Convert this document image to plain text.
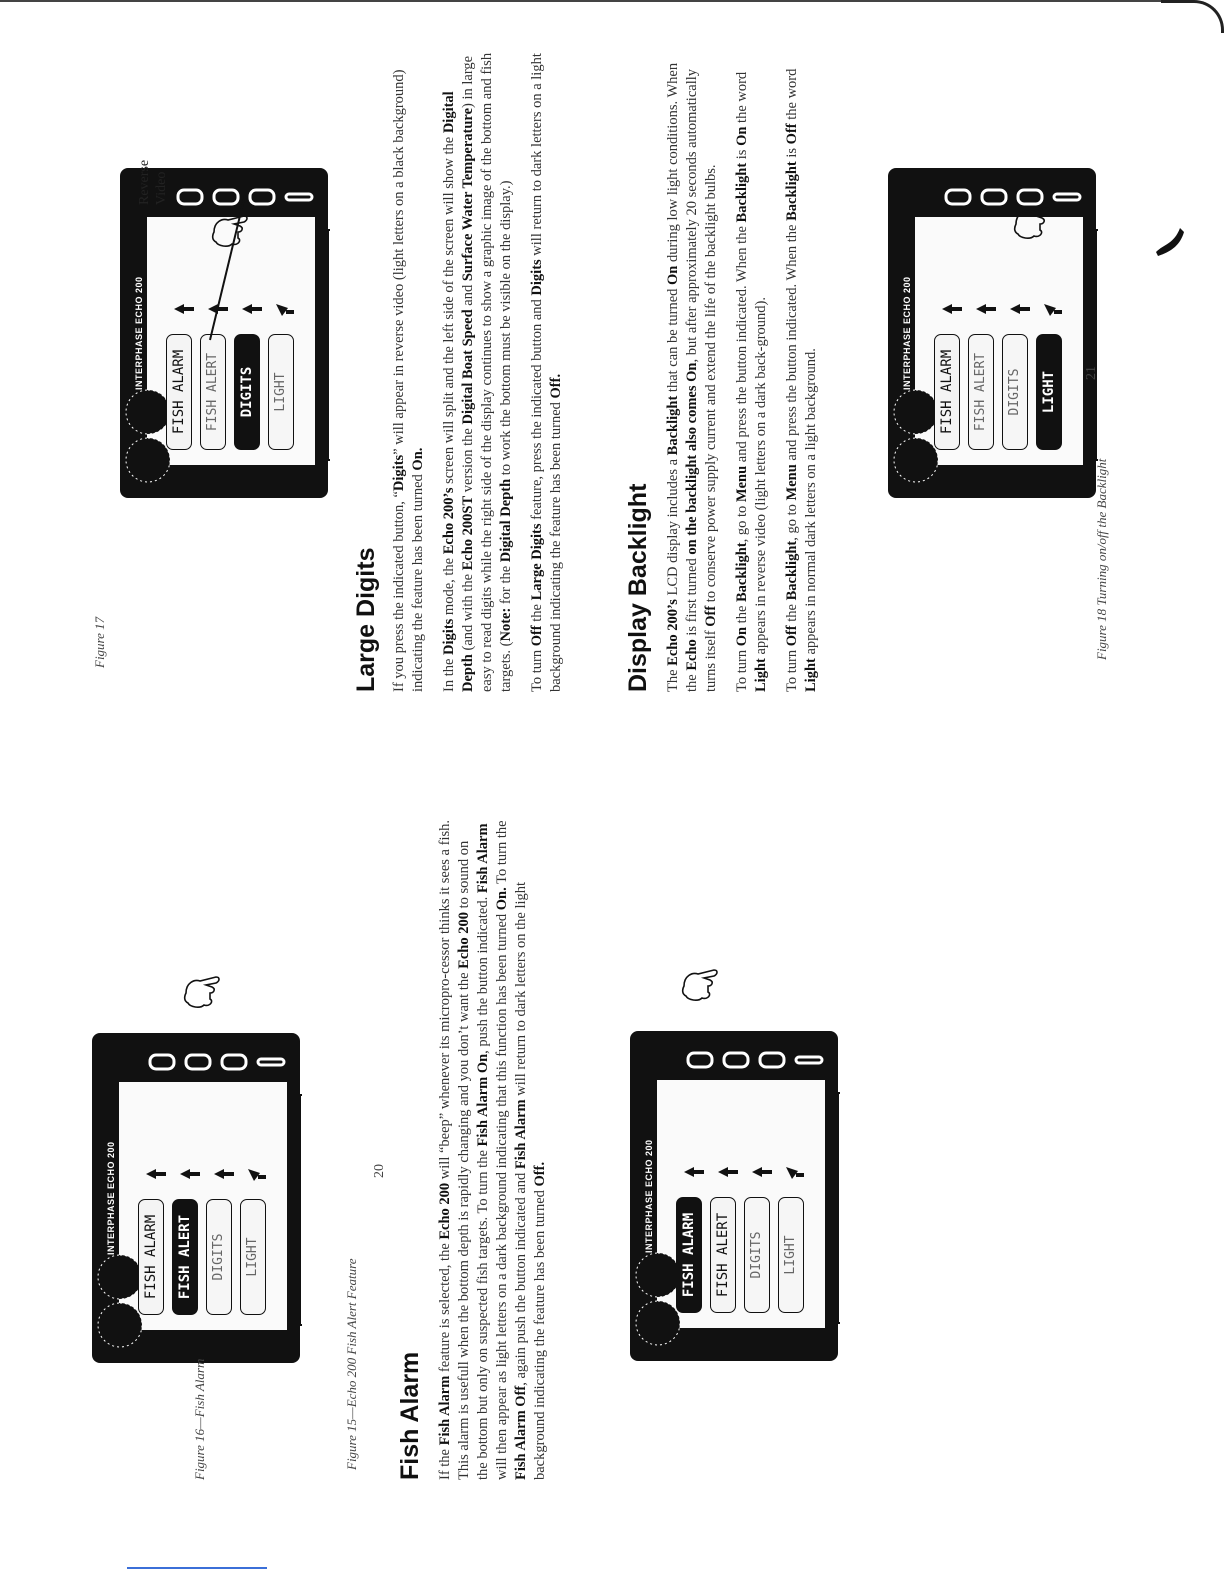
INTERPHASE ECHO 200
FISH ALARM	FISH ALERT	DIGITS	LIGHT
Figure 15—Echo 200 Fish Alert Feature Fish Alarm If the Fish Alarm feature is selected, the Echo 200 will “beep” whenever its micropro-cessor thinks it sees a fish. This alarm is usefull when the bottom depth is rapidly changing and you don’t want the Echo 200 to sound on the bottom but only on suspected fish targets. To turn the Fish Alarm On, push the button indicated. Fish Alarm will then appear as light letters on a dark background indicating that this function has been turned On. To turn the Fish Alarm Off, again push the button indicated and Fish Alarm will return to dark letters on the light background indicating the feature has been turned Off.	INTERPHASE ECHO 200
FISH ALARM	FISH ALERT	DIGITS	LIGHT
Figure 16—Fish Alarm
20
Figure 17
INTERPHASE ECHO 200
FISH ALARM	FISH ALERT	DIGITS	LIGHT
Reverse Video
Large Digits If you press the indicated button, “Digits” will appear in reverse video (light letters on a black background) indicating the feature has been turned On.

In the Digits mode, the Echo 200’s screen will split and the left side of the screen will show the Digital Depth (and with the Echo 200ST version the Digital Boat Speed and Surface Water Temperature) in large easy to read digits while the right side of the display continues to show a graphic image of the bottom and fish targets. (Note: for the Digital Depth to work the bottom must be visible on the display.)

To turn Off the Large Digits feature, press the indicated button and Digits will return to dark letters on a light background indicating the feature has been turned Off.

Display Backlight The Echo 200’s LCD display includes a Backlight that can be turned On during low light conditions. When the Echo is first turned on the backlight also comes On, but after approximately 20 seconds automatically turns itself Off to conserve power supply current and extend the life of the backlight bulbs.

To turn On the Backlight, go to Menu and press the button indicated. When the Backlight is On the word Light appears in reverse video (light letters on a dark back-ground).

To turn Off the Backlight, go to Menu and press the button indicated. When the Backlight is Off the word Light appears in normal dark letters on a light background.

INTERPHASE ECHO 200
FISH ALARM	FISH ALERT	DIGITS	LIGHT
Figure 18 Turning on/off the Backlight
21
